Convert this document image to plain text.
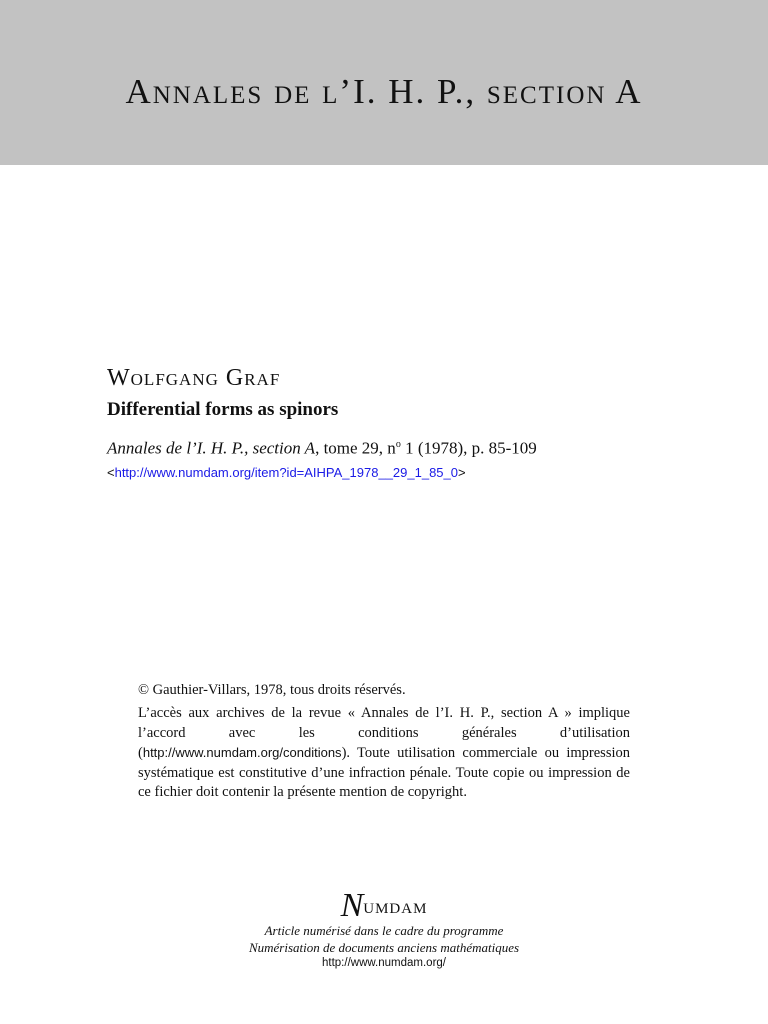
Annales de l’I. H. P., section A
Wolfgang Graf
Differential forms as spinors
Annales de l’I. H. P., section A, tome 29, $n^o$ 1 (1978), p. 85-109
<http://www.numdam.org/item?id=AIHPA_1978__29_1_85_0>
© Gauthier-Villars, 1978, tous droits réservés.

L’accès aux archives de la revue « Annales de l’I. H. P., section A » implique l’accord avec les conditions générales d’utilisation (http://www.numdam.org/conditions). Toute utilisation commerciale ou impression systématique est constitutive d’une infraction pénale. Toute copie ou impression de ce fichier doit contenir la présente mention de copyright.

Numdam
Article numérisé dans le cadre du programme
Numérisation de documents anciens mathématiques
http://www.numdam.org/
